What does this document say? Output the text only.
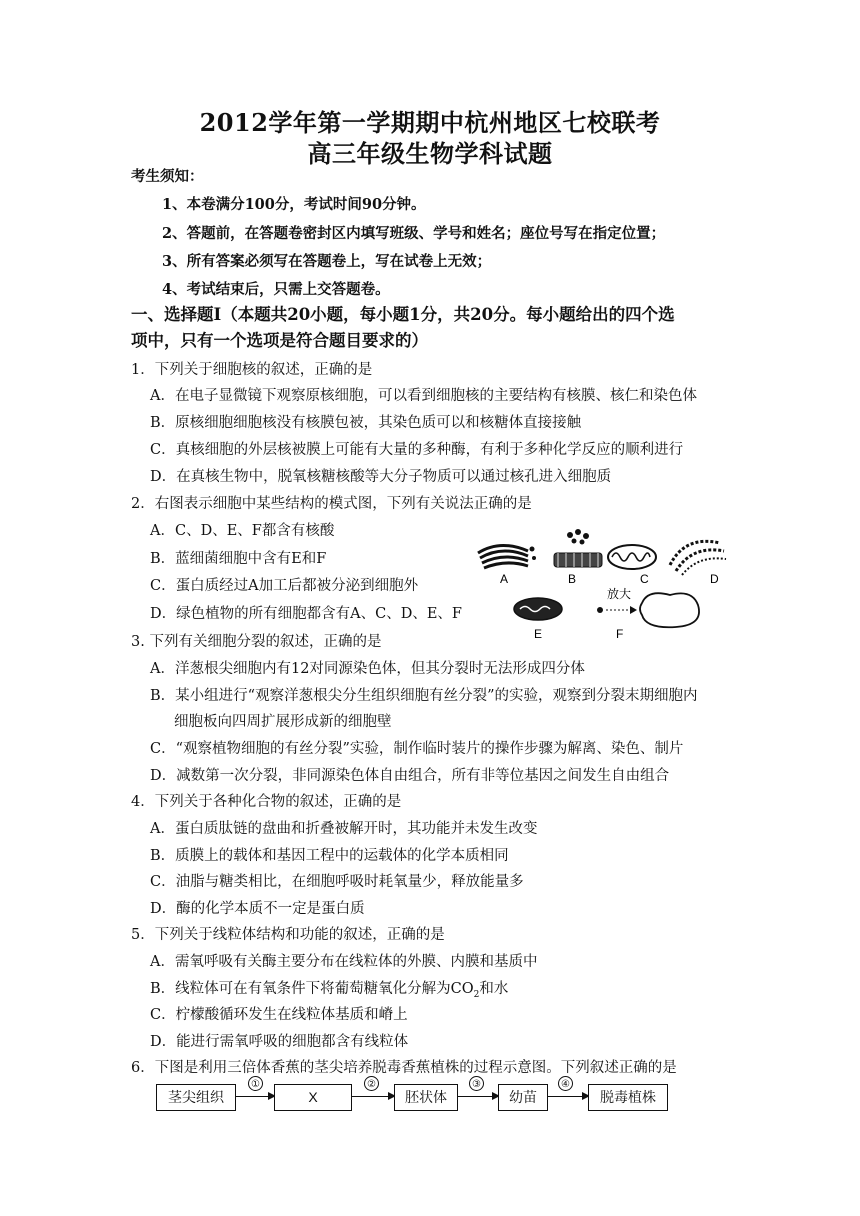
2012学年第一学期期中杭州地区七校联考
高三年级生物学科试题
考生须知：
1、本卷满分100分，考试时间90分钟。
2、答题前，在答题卷密封区内填写班级、学号和姓名；座位号写在指定位置；
3、所有答案必须写在答题卷上，写在试卷上无效；
4、考试结束后，只需上交答题卷。
一、选择题Ⅰ（本题共20小题，每小题1分，共20分。每小题给出的四个选
项中，只有一个选项是符合题目要求的）
1．下列关于细胞核的叙述，正确的是
A．在电子显微镜下观察原核细胞，可以看到细胞核的主要结构有核膜、核仁和染色体
B．原核细胞细胞核没有核膜包被，其染色质可以和核糖体直接接触
C．真核细胞的外层核被膜上可能有大量的多种酶，有利于多种化学反应的顺利进行
D．在真核生物中，脱氧核糖核酸等大分子物质可以通过核孔进入细胞质
2．右图表示细胞中某些结构的模式图，下列有关说法正确的是
A．C、D、E、F都含有核酸
B．蓝细菌细胞中含有E和F
C．蛋白质经过A加工后都被分泌到细胞外
D．绿色植物的所有细胞都含有A、C、D、E、F
A	B	C	D
放大
E	F
3. 下列有关细胞分裂的叙述，正确的是
A．洋葱根尖细胞内有12对同源染色体，但其分裂时无法形成四分体
B．某小组进行“观察洋葱根尖分生组织细胞有丝分裂”的实验，观察到分裂末期细胞内
细胞板向四周扩展形成新的细胞壁
C．“观察植物细胞的有丝分裂”实验，制作临时装片的操作步骤为解离、染色、制片
D．减数第一次分裂，非同源染色体自由组合，所有非等位基因之间发生自由组合
4．下列关于各种化合物的叙述，正确的是
A．蛋白质肽链的盘曲和折叠被解开时，其功能并未发生改变
B．质膜上的载体和基因工程中的运载体的化学本质相同
C．油脂与糖类相比，在细胞呼吸时耗氧量少，释放能量多
D．酶的化学本质不一定是蛋白质
5．下列关于线粒体结构和功能的叙述，正确的是
A．需氧呼吸有关酶主要分布在线粒体的外膜、内膜和基质中
B．线粒体可在有氧条件下将葡萄糖氧化分解为$CO_2$和水
C．柠檬酸循环发生在线粒体基质和嵴上
D．能进行需氧呼吸的细胞都含有线粒体
6．下图是利用三倍体香蕉的茎尖培养脱毒香蕉植株的过程示意图。下列叙述正确的是
茎尖组织
①
X
②
胚状体
③
幼苗
④
脱毒植株
